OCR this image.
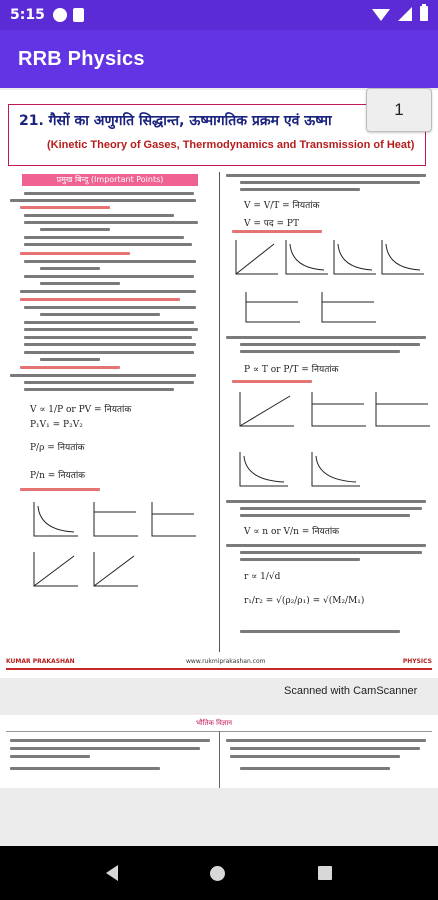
5:15
RRB Physics
21. गैसों का अणुगति सिद्धान्त, ऊष्मागतिक प्रक्रम एवं ऊष्मा
(Kinetic Theory of Gases, Thermodynamics and Transmission of Heat)
प्रमुख बिन्दु (Important Points)
V ∝ 1/P or PV = नियतांक
P₁V₁ = P₂V₂
P/ρ = नियतांक
P/n = नियतांक
V = V/T = नियतांक
V = पद = PT
P ∝ T or P/T = नियतांक
V ∝ n or V/n = नियतांक
r ∝ 1/√d
r₁/r₂ = √(ρ₂/ρ₁) = √(M₂/M₁)
KUMAR PRAKASHAN	www.rukmiprakashan.com	PHYSICS
Scanned with CamScanner
भौतिक विज्ञान
1
